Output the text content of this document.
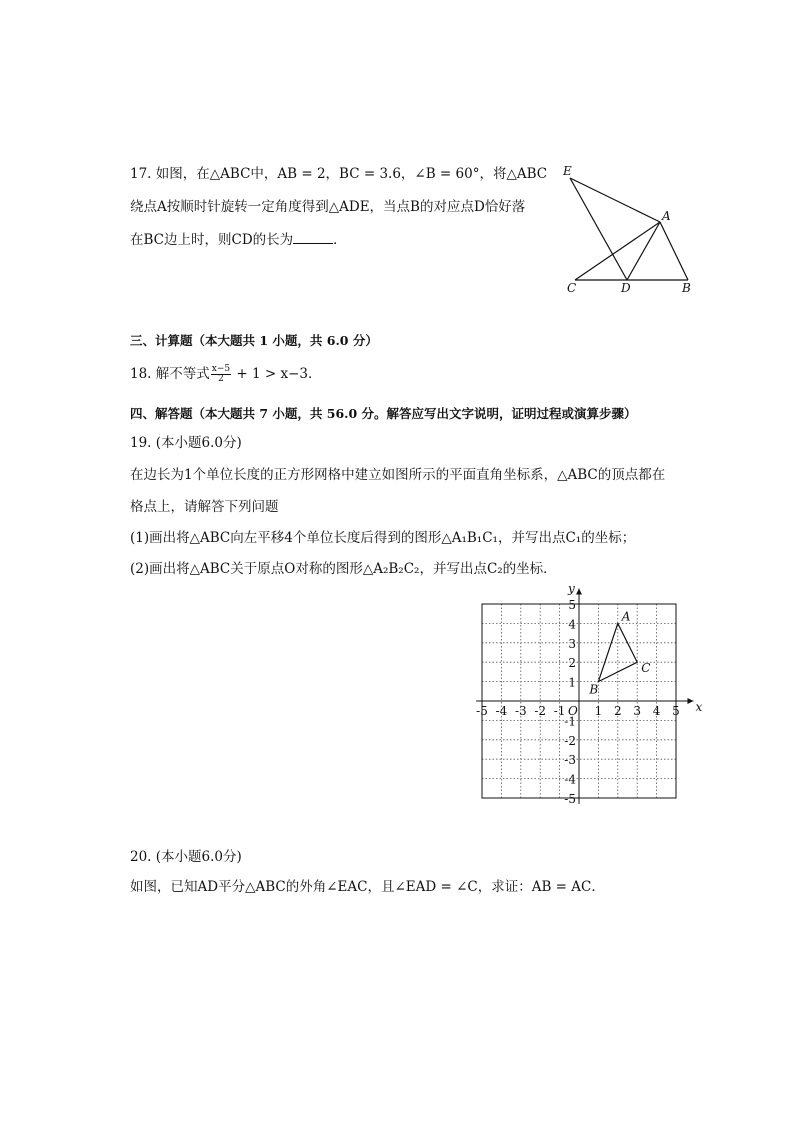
17. 如图，在△ABC中，AB = 2，BC = 3.6，∠B = 60°，将△ABC
绕点A按顺时针旋转一定角度得到△ADE，当点B的对应点D恰好落
在BC边上时，则CD的长为	．
E
A
C	D	B
三、计算题（本大题共 1 小题，共 6.0 分）
18. 解不等式 $\frac{x-5}{2} + 1 > x-3$．
四、解答题（本大题共 7 小题，共 56.0 分。解答应写出文字说明，证明过程或演算步骤）
19. (本小题6.0分)
在边长为1个单位长度的正方形网格中建立如图所示的平面直角坐标系，△ABC的顶点都在
格点上，请解答下列问题
(1)画出将△ABC向左平移4个单位长度后得到的图形△A₁B₁C₁，并写出点C₁的坐标；
(2)画出将△ABC关于原点O对称的图形△A₂B₂C₂，并写出点C₂的坐标．
x
y
O
-5 -4 -3 -2 -1 1 2 3 4 5
5
4
3
2
1
-1
-2
-3
-4
-5
A
B
C
20. (本小题6.0分)
如图，已知AD平分△ABC的外角∠EAC，且∠EAD = ∠C，求证：AB = AC．
